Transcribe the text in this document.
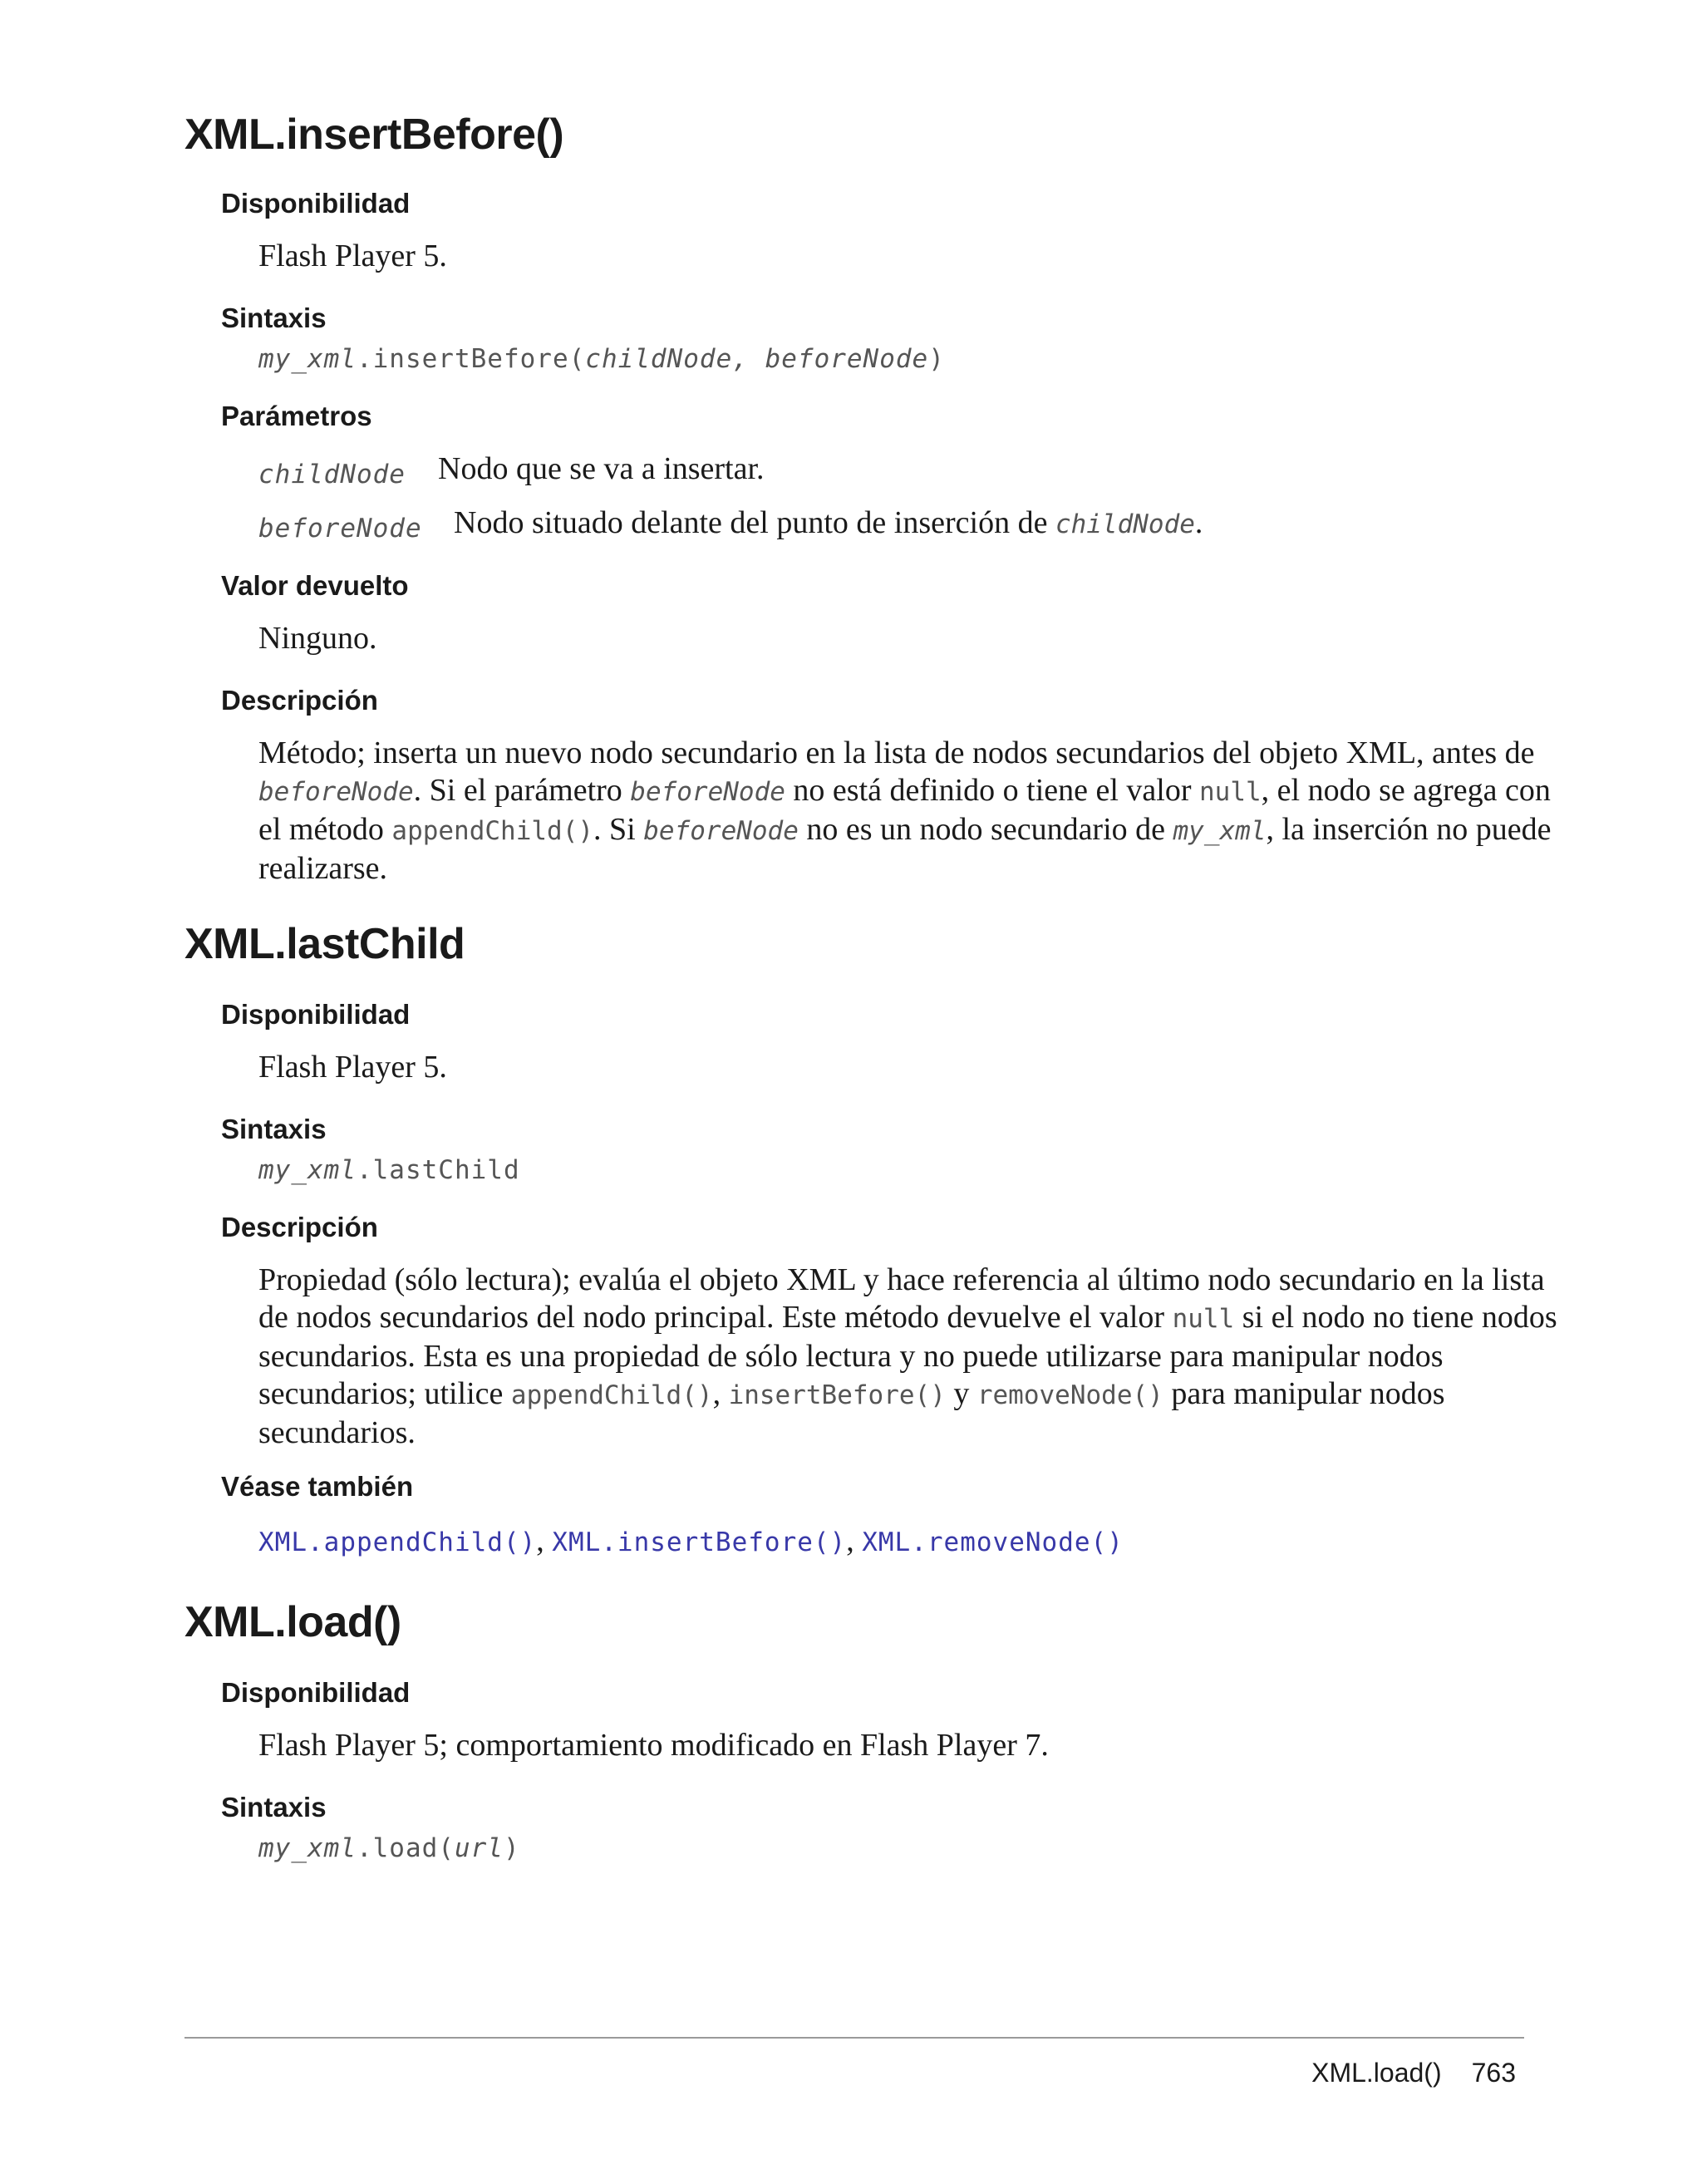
XML.insertBefore()
Disponibilidad

Flash Player 5.

Sintaxis

my_xml.insertBefore(childNode, beforeNode)

Parámetros
childNode Nodo que se va a insertar.
beforeNode Nodo situado delante del punto de inserción de childNode.
Valor devuelto

Ninguno.

Descripción

Método; inserta un nuevo nodo secundario en la lista de nodos secundarios del objeto XML, antes de beforeNode. Si el parámetro beforeNode no está definido o tiene el valor null, el nodo se agrega con el método appendChild(). Si beforeNode no es un nodo secundario de my_xml, la inserción no puede realizarse.

XML.lastChild
Disponibilidad

Flash Player 5.

Sintaxis

my_xml.lastChild

Descripción

Propiedad (sólo lectura); evalúa el objeto XML y hace referencia al último nodo secundario en la lista de nodos secundarios del nodo principal. Este método devuelve el valor null si el nodo no tiene nodos secundarios. Esta es una propiedad de sólo lectura y no puede utilizarse para manipular nodos secundarios; utilice appendChild(), insertBefore() y removeNode() para manipular nodos secundarios.

Véase también

XML.appendChild(), XML.insertBefore(), XML.removeNode()

XML.load()
Disponibilidad

Flash Player 5; comportamiento modificado en Flash Player 7.

Sintaxis

my_xml.load(url)

XML.load() 763
